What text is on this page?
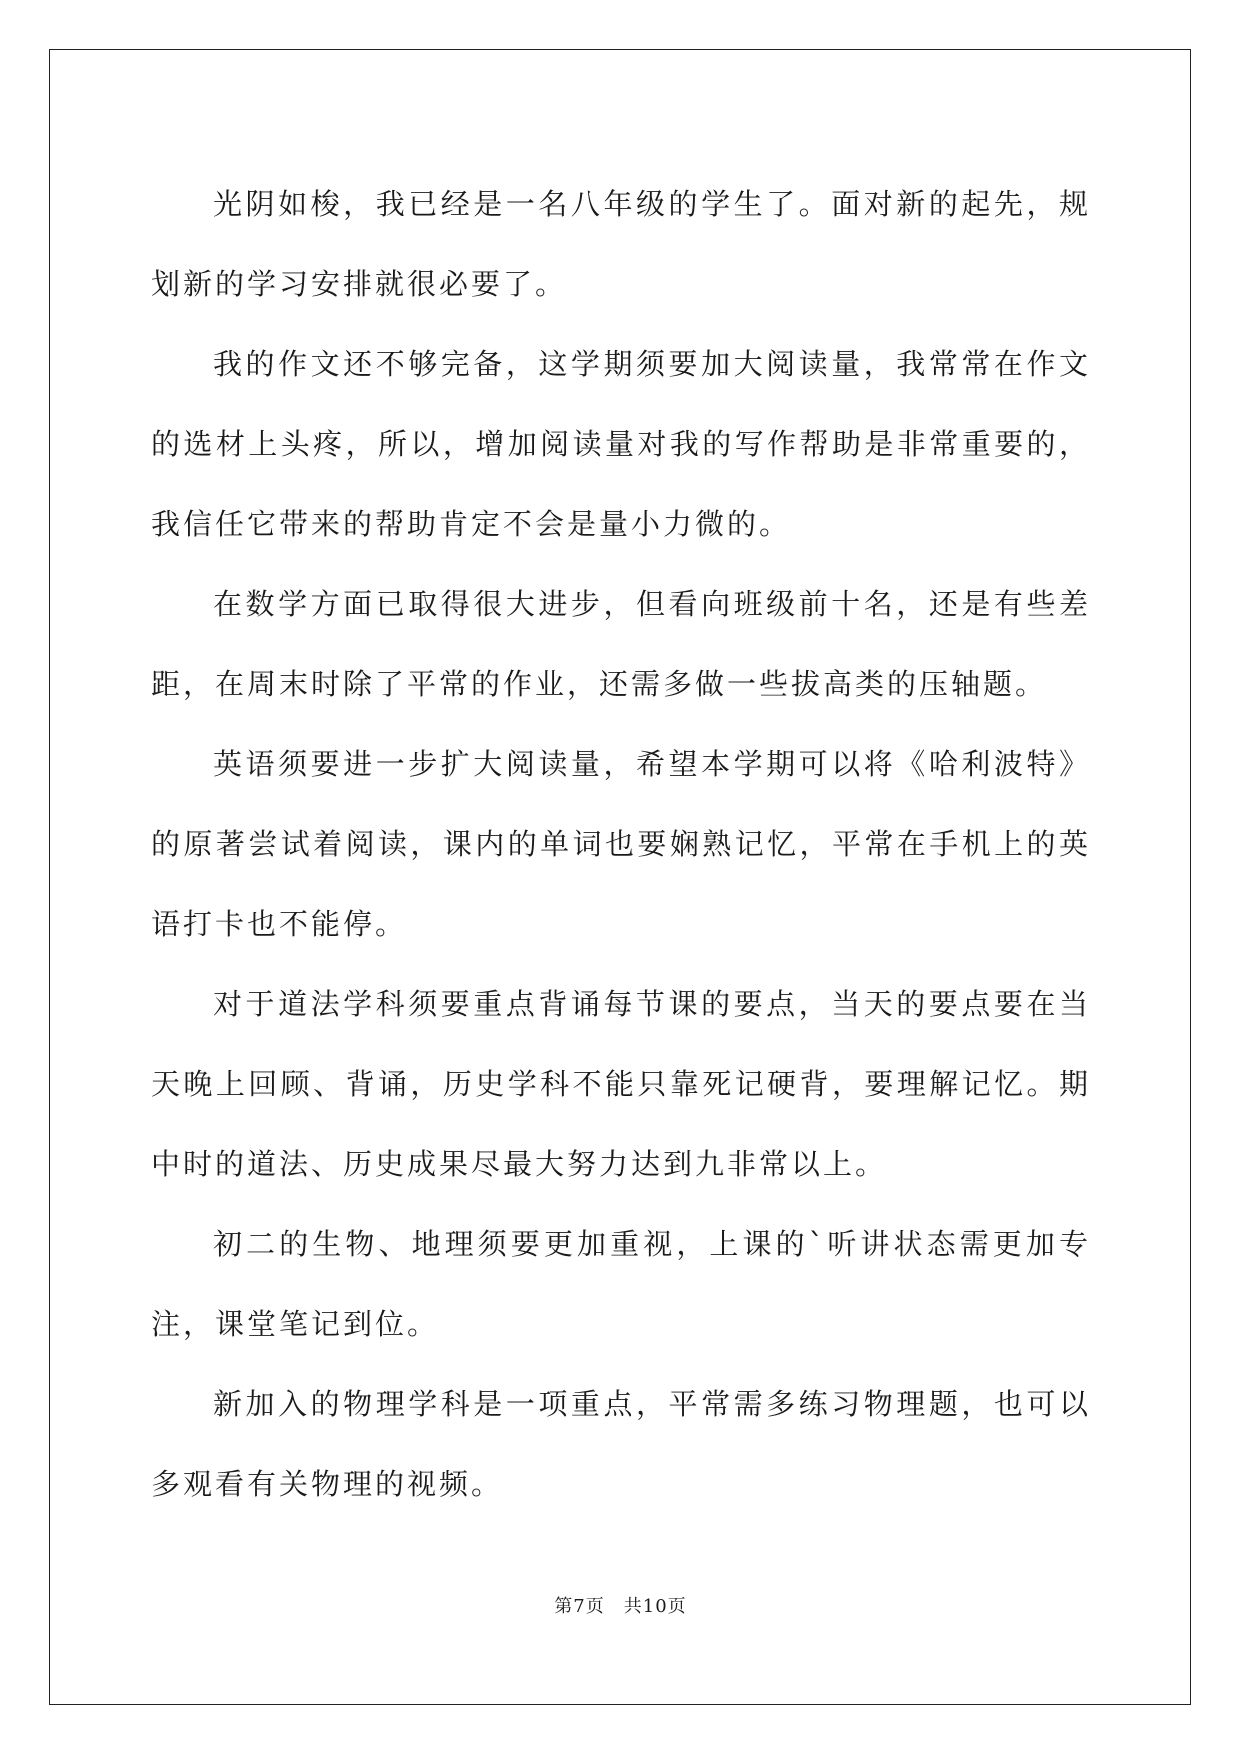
光阴如梭，我已经是一名八年级的学生了。面对新的起先，规划新的学习安排就很必要了。

我的作文还不够完备，这学期须要加大阅读量，我常常在作文的选材上头疼，所以，增加阅读量对我的写作帮助是非常重要的，我信任它带来的帮助肯定不会是量小力微的。

在数学方面已取得很大进步，但看向班级前十名，还是有些差距，在周末时除了平常的作业，还需多做一些拔高类的压轴题。

英语须要进一步扩大阅读量，希望本学期可以将《哈利波特》的原著尝试着阅读，课内的单词也要娴熟记忆，平常在手机上的英语打卡也不能停。

对于道法学科须要重点背诵每节课的要点，当天的要点要在当天晚上回顾、背诵，历史学科不能只靠死记硬背，要理解记忆。期中时的道法、历史成果尽最大努力达到九非常以上。

初二的生物、地理须要更加重视，上课的`听讲状态需更加专注，课堂笔记到位。

新加入的物理学科是一项重点，平常需多练习物理题，也可以多观看有关物理的视频。

第7页　共10页
